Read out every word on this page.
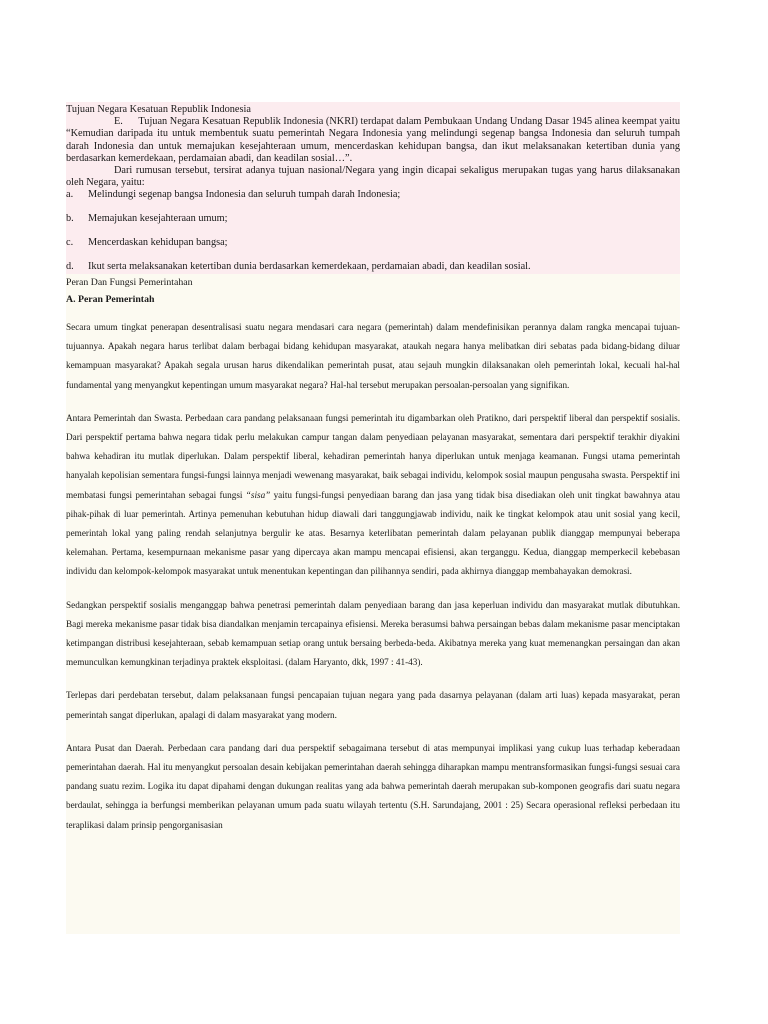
Tujuan Negara Kesatuan Republik Indonesia

E. Tujuan Negara Kesatuan Republik Indonesia (NKRI) terdapat dalam Pembukaan Undang Undang Dasar 1945 alinea keempat yaitu “Kemudian daripada itu untuk membentuk suatu pemerintah Negara Indonesia yang melindungi segenap bangsa Indonesia dan seluruh tumpah darah Indonesia dan untuk memajukan kesejahteraan umum, mencerdaskan kehidupan bangsa, dan ikut melaksanakan ketertiban dunia yang berdasarkan kemerdekaan, perdamaian abadi, dan keadilan sosial…”.

Dari rumusan tersebut, tersirat adanya tujuan nasional/Negara yang ingin dicapai sekaligus merupakan tugas yang harus dilaksanakan oleh Negara, yaitu:

a. Melindungi segenap bangsa Indonesia dan seluruh tumpah darah Indonesia;
b. Memajukan kesejahteraan umum;
c. Mencerdaskan kehidupan bangsa;
d. Ikut serta melaksanakan ketertiban dunia berdasarkan kemerdekaan, perdamaian abadi, dan keadilan sosial.

Peran Dan Fungsi Pemerintahan

A. Peran Pemerintah

Secara umum tingkat penerapan desentralisasi suatu negara mendasari cara negara (pemerintah) dalam mendefinisikan perannya dalam rangka mencapai tujuan-tujuannya. Apakah negara harus terlibat dalam berbagai bidang kehidupan masyarakat, ataukah negara hanya melibatkan diri sebatas pada bidang-bidang diluar kemampuan masyarakat? Apakah segala urusan harus dikendalikan pemerintah pusat, atau sejauh mungkin dilaksanakan oleh pemerintah lokal, kecuali hal-hal fundamental yang menyangkut kepentingan umum masyarakat negara? Hal-hal tersebut merupakan persoalan-persoalan yang signifikan.

Antara Pemerintah dan Swasta. Perbedaan cara pandang pelaksanaan fungsi pemerintah itu digambarkan oleh Pratikno, dari perspektif liberal dan perspektif sosialis. Dari perspektif pertama bahwa negara tidak perlu melakukan campur tangan dalam penyediaan pelayanan masyarakat, sementara dari perspektif terakhir diyakini bahwa kehadiran itu mutlak diperlukan. Dalam perspektif liberal, kehadiran pemerintah hanya diperlukan untuk menjaga keamanan. Fungsi utama pemerintah hanyalah kepolisian sementara fungsi-fungsi lainnya menjadi wewenang masyarakat, baik sebagai individu, kelompok sosial maupun pengusaha swasta. Perspektif ini membatasi fungsi pemerintahan sebagai fungsi “sisa” yaitu fungsi-fungsi penyediaan barang dan jasa yang tidak bisa disediakan oleh unit tingkat bawahnya atau pihak-pihak di luar pemerintah. Artinya pemenuhan kebutuhan hidup diawali dari tanggungjawab individu, naik ke tingkat kelompok atau unit sosial yang kecil, pemerintah lokal yang paling rendah selanjutnya bergulir ke atas. Besarnya keterlibatan pemerintah dalam pelayanan publik dianggap mempunyai beberapa kelemahan. Pertama, kesempurnaan mekanisme pasar yang dipercaya akan mampu mencapai efisiensi, akan terganggu. Kedua, dianggap memperkecil kebebasan individu dan kelompok-kelompok masyarakat untuk menentukan kepentingan dan pilihannya sendiri, pada akhirnya dianggap membahayakan demokrasi.

Sedangkan perspektif sosialis menganggap bahwa penetrasi pemerintah dalam penyediaan barang dan jasa keperluan individu dan masyarakat mutlak dibutuhkan. Bagi mereka mekanisme pasar tidak bisa diandalkan menjamin tercapainya efisiensi. Mereka berasumsi bahwa persaingan bebas dalam mekanisme pasar menciptakan ketimpangan distribusi kesejahteraan, sebab kemampuan setiap orang untuk bersaing berbeda-beda. Akibatnya mereka yang kuat memenangkan persaingan dan akan memunculkan kemungkinan terjadinya praktek eksploitasi. (dalam Haryanto, dkk, 1997 : 41-43).

Terlepas dari perdebatan tersebut, dalam pelaksanaan fungsi pencapaian tujuan negara yang pada dasarnya pelayanan (dalam arti luas) kepada masyarakat, peran pemerintah sangat diperlukan, apalagi di dalam masyarakat yang modern.

Antara Pusat dan Daerah. Perbedaan cara pandang dari dua perspektif sebagaimana tersebut di atas mempunyai implikasi yang cukup luas terhadap keberadaan pemerintahan daerah. Hal itu menyangkut persoalan desain kebijakan pemerintahan daerah sehingga diharapkan mampu mentransformasikan fungsi-fungsi sesuai cara pandang suatu rezim. Logika itu dapat dipahami dengan dukungan realitas yang ada bahwa pemerintah daerah merupakan sub-komponen geografis dari suatu negara berdaulat, sehingga ia berfungsi memberikan pelayanan umum pada suatu wilayah tertentu (S.H. Sarundajang, 2001 : 25) Secara operasional refleksi perbedaan itu teraplikasi dalam prinsip pengorganisasian
